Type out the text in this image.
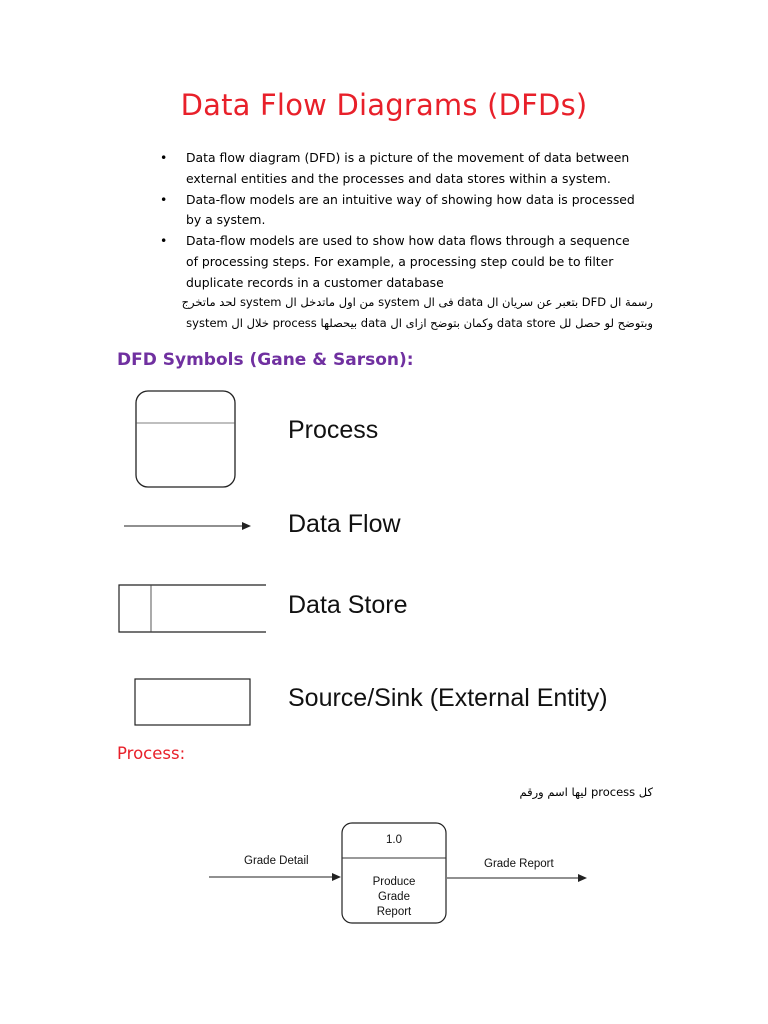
Data Flow Diagrams (DFDs)
• Data flow diagram (DFD) is a picture of the movement of data between
external entities and the processes and data stores within a system.
• Data-flow models are an intuitive way of showing how data is processed
by a system.
• Data-flow models are used to show how data flows through a sequence
of processing steps. For example, a processing step could be to filter
duplicate records in a customer database
رسمة ال DFD بتعبر عن سريان ال data فى ال system من اول ماتدخل ال system لحد ماتخرج
وبتوضح لو حصل لل data store وكمان بتوضح ازاى ال data بيحصلها process خلال ال system
DFD Symbols (Gane & Sarson):
1.0
Produce
Grade
Report
Grade Detail	Grade Report
Process
Data Flow
Data Store
Source/Sink (External Entity)
Process:
كل process ليها اسم ورقم
